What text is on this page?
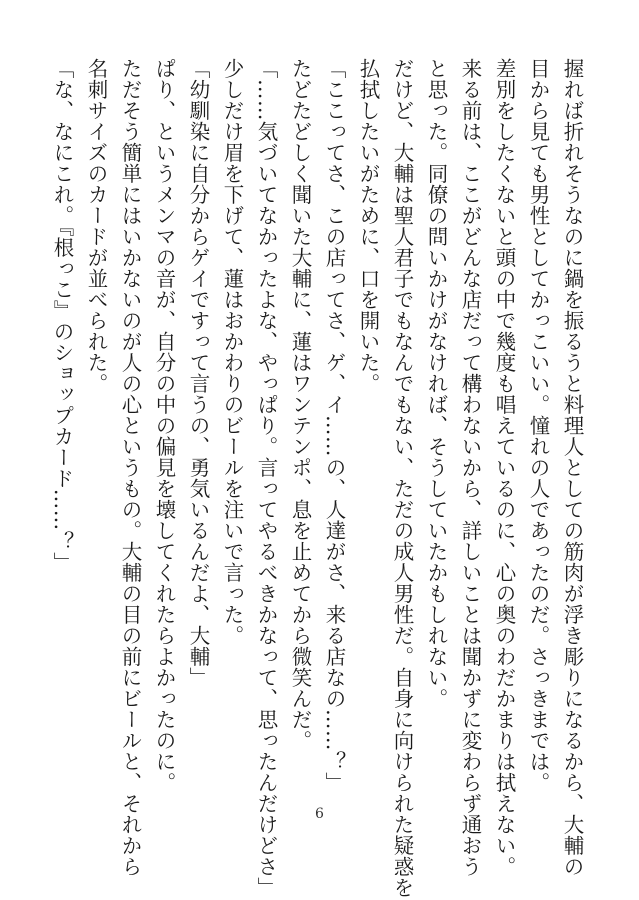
握れば折れそうなのに鍋を振るうと料理人としての筋肉が浮き彫りになるから、大輔の
目から見ても男性としてかっこいい。憧れの人であったのだ。さっきまでは。
差別をしたくないと頭の中で幾度も唱えているのに、心の奥のわだかまりは拭えない。
来る前は、ここがどんな店だって構わないから、詳しいことは聞かずに変わらず通おう
と思った。同僚の問いかけがなければ、そうしていたかもしれない。
だけど、大輔は聖人君子でもなんでもない、ただの成人男性だ。自身に向けられた疑惑を
払拭したいがために、口を開いた。
「ここってさ、この店ってさ、ゲ、イ……の、人達がさ、来る店なの……？」
たどたどしく聞いた大輔に、蓮はワンテンポ、息を止めてから微笑んだ。
「……気づいてなかったよな、やっぱり。言ってやるべきかなって、思ったんだけどさ」
少しだけ眉を下げて、蓮はおかわりのビールを注いで言った。
「幼馴染に自分からゲイですって言うの、勇気いるんだよ、大輔」
ぱり、というメンマの音が、自分の中の偏見を壊してくれたらよかったのに。
ただそう簡単にはいかないのが人の心というもの。大輔の目の前にビールと、それから
名刺サイズのカードが並べられた。
「な、なにこれ。『根っこ』のショップカード……？」
6
